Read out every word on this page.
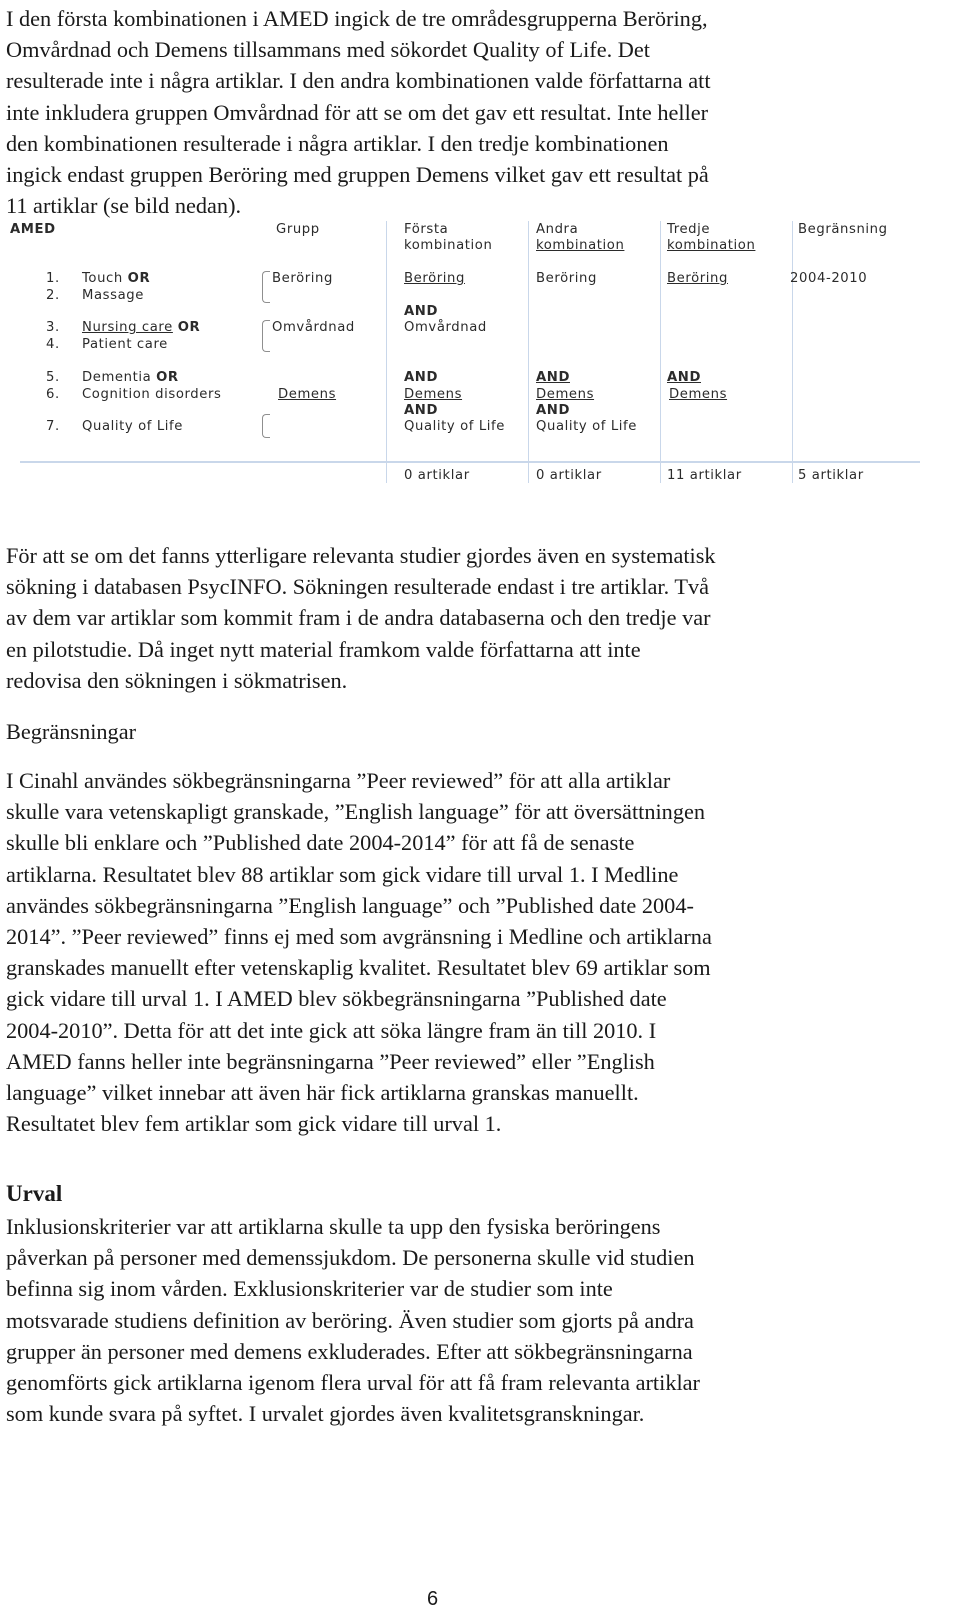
I den första kombinationen i AMED ingick de tre områdesgrupperna Beröring,
Omvårdnad och Demens tillsammans med sökordet Quality of Life. Det
resulterade inte i några artiklar. I den andra kombinationen valde författarna att
inte inkludera gruppen Omvårdnad för att se om det gav ett resultat. Inte heller
den kombinationen resulterade i några artiklar. I den tredje kombinationen
ingick endast gruppen Beröring med gruppen Demens vilket gav ett resultat på
11 artiklar (se bild nedan).

AMED	Grupp	Första
kombination
Andra
kombination
Tredje
kombination
Begränsning
1. Touch OR
2. Massage
3. Nursing care OR
4. Patient care
5. Dementia OR
6. Cognition disorders
7. Quality of Life
Beröring
Omvårdnad
Demens
Beröring
AND
Omvårdnad
AND
Demens
AND
Quality of Life
0 artiklar
Beröring
AND
Demens
AND
Quality of Life
0 artiklar
Beröring
AND
Demens
11 artiklar
2004-2010
5 artiklar

För att se om det fanns ytterligare relevanta studier gjordes även en systematisk
sökning i databasen PsycINFO. Sökningen resulterade endast i tre artiklar. Två
av dem var artiklar som kommit fram i de andra databaserna och den tredje var
en pilotstudie. Då inget nytt material framkom valde författarna att inte
redovisa den sökningen i sökmatrisen.

Begränsningar

I Cinahl användes sökbegränsningarna ”Peer reviewed” för att alla artiklar
skulle vara vetenskapligt granskade, ”English language” för att översättningen
skulle bli enklare och ”Published date 2004-2014” för att få de senaste
artiklarna. Resultatet blev 88 artiklar som gick vidare till urval 1. I Medline
användes sökbegränsningarna ”English language” och ”Published date 2004-
2014”. ”Peer reviewed” finns ej med som avgränsning i Medline och artiklarna
granskades manuellt efter vetenskaplig kvalitet. Resultatet blev 69 artiklar som
gick vidare till urval 1. I AMED blev sökbegränsningarna ”Published date
2004-2010”. Detta för att det inte gick att söka längre fram än till 2010. I
AMED fanns heller inte begränsningarna ”Peer reviewed” eller ”English
language” vilket innebar att även här fick artiklarna granskas manuellt.
Resultatet blev fem artiklar som gick vidare till urval 1.

Urval

Inklusionskriterier var att artiklarna skulle ta upp den fysiska beröringens
påverkan på personer med demenssjukdom. De personerna skulle vid studien
befinna sig inom vården. Exklusionskriterier var de studier som inte
motsvarade studiens definition av beröring. Även studier som gjorts på andra
grupper än personer med demens exkluderades. Efter att sökbegränsningarna
genomförts gick artiklarna igenom flera urval för att få fram relevanta artiklar
som kunde svara på syftet. I urvalet gjordes även kvalitetsgranskningar.

6
